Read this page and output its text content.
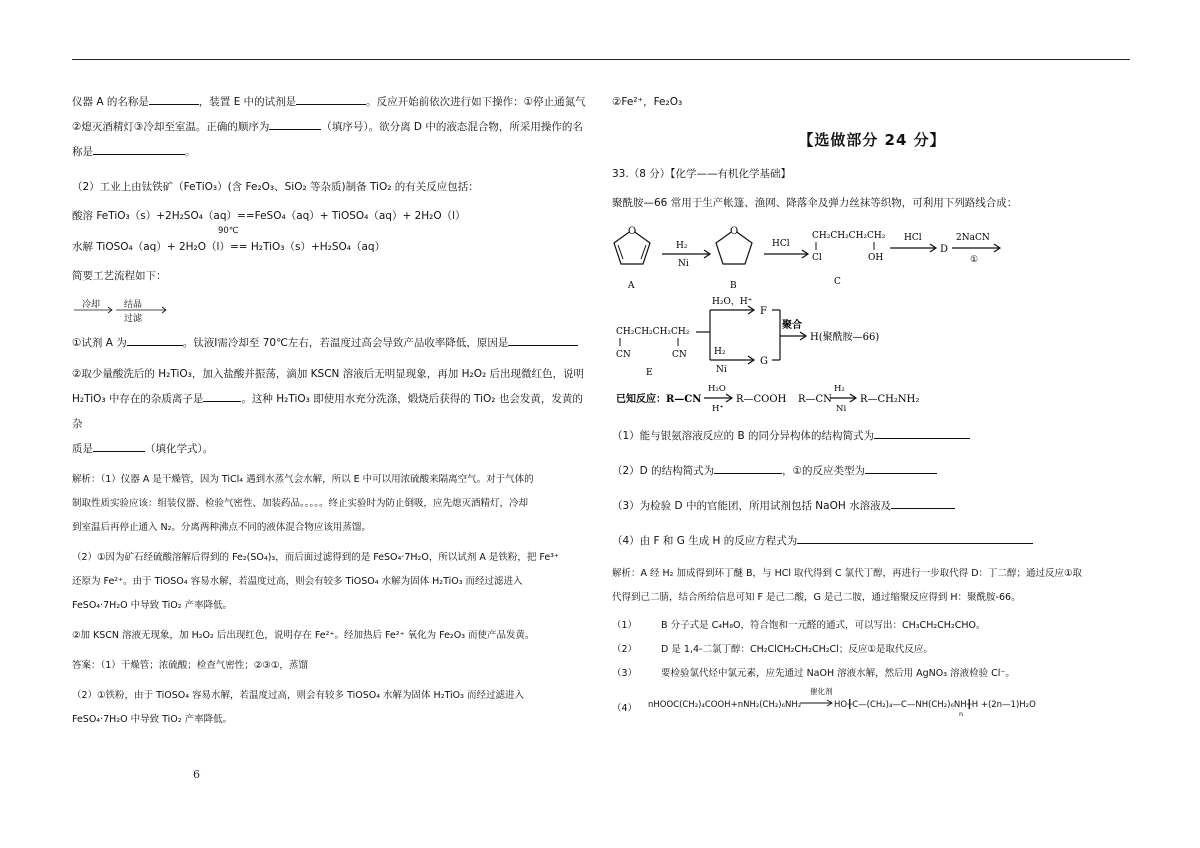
仪器 A 的名称是	，装置 E 中的试剂是	。反应开始前依次进行如下操作：①停止通氮气

②熄灭酒精灯③冷却至室温。正确的顺序为	（填序号）。欲分离 D 中的液态混合物，所采用操作的名

称是	。

（2）工业上由钛铁矿（FeTiO₃）(含 Fe₂O₃、SiO₂ 等杂质)制备 TiO₂ 的有关反应包括：

酸溶 FeTiO₃（s）+2H₂SO₄（aq）==FeSO₄（aq）+ TiOSO₄（aq）+ 2H₂O（l）

90℃

水解 TiOSO₄（aq）+ 2H₂O（l）== H₂TiO₃（s）+H₂SO₄（aq）

简要工艺流程如下：

冷却	结晶
过滤

①试剂 A 为	。钛液Ⅰ需冷却至 70℃左右，若温度过高会导致产品收率降低，原因是

②取少量酸洗后的 H₂TiO₃，加入盐酸并振荡，滴加 KSCN 溶液后无明显现象，再加 H₂O₂ 后出现微红色，说明

H₂TiO₃ 中存在的杂质离子是	。这种 H₂TiO₃ 即使用水充分洗涤，煅烧后获得的 TiO₂ 也会发黄，发黄的杂

质是	（填化学式）。

解析：（1）仪器 A 是干燥管，因为 TiCl₄ 遇到水蒸气会水解，所以 E 中可以用浓硫酸来隔离空气。对于气体的

制取性质实验应该：组装仪器、检验气密性、加装药品。。。。。终止实验时为防止倒吸，应先熄灭酒精灯，冷却

到室温后再停止通入 N₂。分离两种沸点不同的液体混合物应该用蒸馏。

（2）①因为矿石经硫酸溶解后得到的 Fe₂(SO₄)₃，而后面过滤得到的是 FeSO₄·7H₂O，所以试剂 A 是铁粉，把 Fe³⁺

还原为 Fe²⁺。由于 TiOSO₄ 容易水解，若温度过高，则会有较多 TiOSO₄ 水解为固体 H₂TiO₃ 而经过滤进入

FeSO₄·7H₂O 中导致 TiO₂ 产率降低。

②加 KSCN 溶液无现象，加 H₂O₂ 后出现红色，说明存在 Fe²⁺。经加热后 Fe²⁺ 氧化为 Fe₂O₃ 而使产品发黄。

答案：（1）干燥管；浓硫酸；检查气密性；②③①，蒸馏

（2）①铁粉，由于 TiOSO₄ 容易水解，若温度过高，则会有较多 TiOSO₄ 水解为固体 H₂TiO₃ 而经过滤进入

FeSO₄·7H₂O 中导致 TiO₂ 产率降低。

6

②Fe²⁺，Fe₂O₃

【选做部分 24 分】

33.（8 分）【化学——有机化学基础】

聚酰胺—66 常用于生产帐篷、渔网、降落伞及弹力丝袜等织物，可利用下列路线合成：

O
A
H₂
Ni
O
B
HCl
CH₂CH₂CH₂CH₂
Cl	OH
C
HCl
D
2NaCN
①
CH₂CH₂CH₂CH₂
CN	CN
E
H₂O，H⁺
H₂
Ni
F
G
聚合
H(聚酰胺—66)
已知反应：R—CN
H₂O
H⁺
R—COOH R—CN
H₂
Ni
R—CH₂NH₂

（1）能与银氨溶液反应的 B 的同分异构体的结构简式为

（2）D 的结构简式为	，①的反应类型为

（3）为检验 D 中的官能团，所用试剂包括 NaOH 水溶液及

（4）由 F 和 G 生成 H 的反应方程式为

解析：A 经 H₂ 加成得到环丁醚 B，与 HCl 取代得到 C 氯代丁醇，再进行一步取代得 D：丁二醇；通过反应①取

代得到己二腈，结合所给信息可知 F 是己二酸，G 是己二胺，通过缩聚反应得到 H：聚酰胺-66。

（1）	B 分子式是 C₄H₈O，符合饱和一元醛的通式，可以写出：CH₃CH₂CH₂CHO。

（2）	D 是 1,4-二氯丁醇：CH₂ClCH₂CH₂CH₂Cl；反应①是取代反应。

（3）	要检验氯代烃中氯元素，应先通过 NaOH 溶液水解，然后用 AgNO₃ 溶液检验 Cl⁻。

（4） nHOOC(CH₂)₄COOH+nNH₂(CH₂)₆NH₂
催化剂
→ HO╂C—(CH₂)₄—C—NH(CH₂)₆NH╂H +(2n—1)H₂O
n
